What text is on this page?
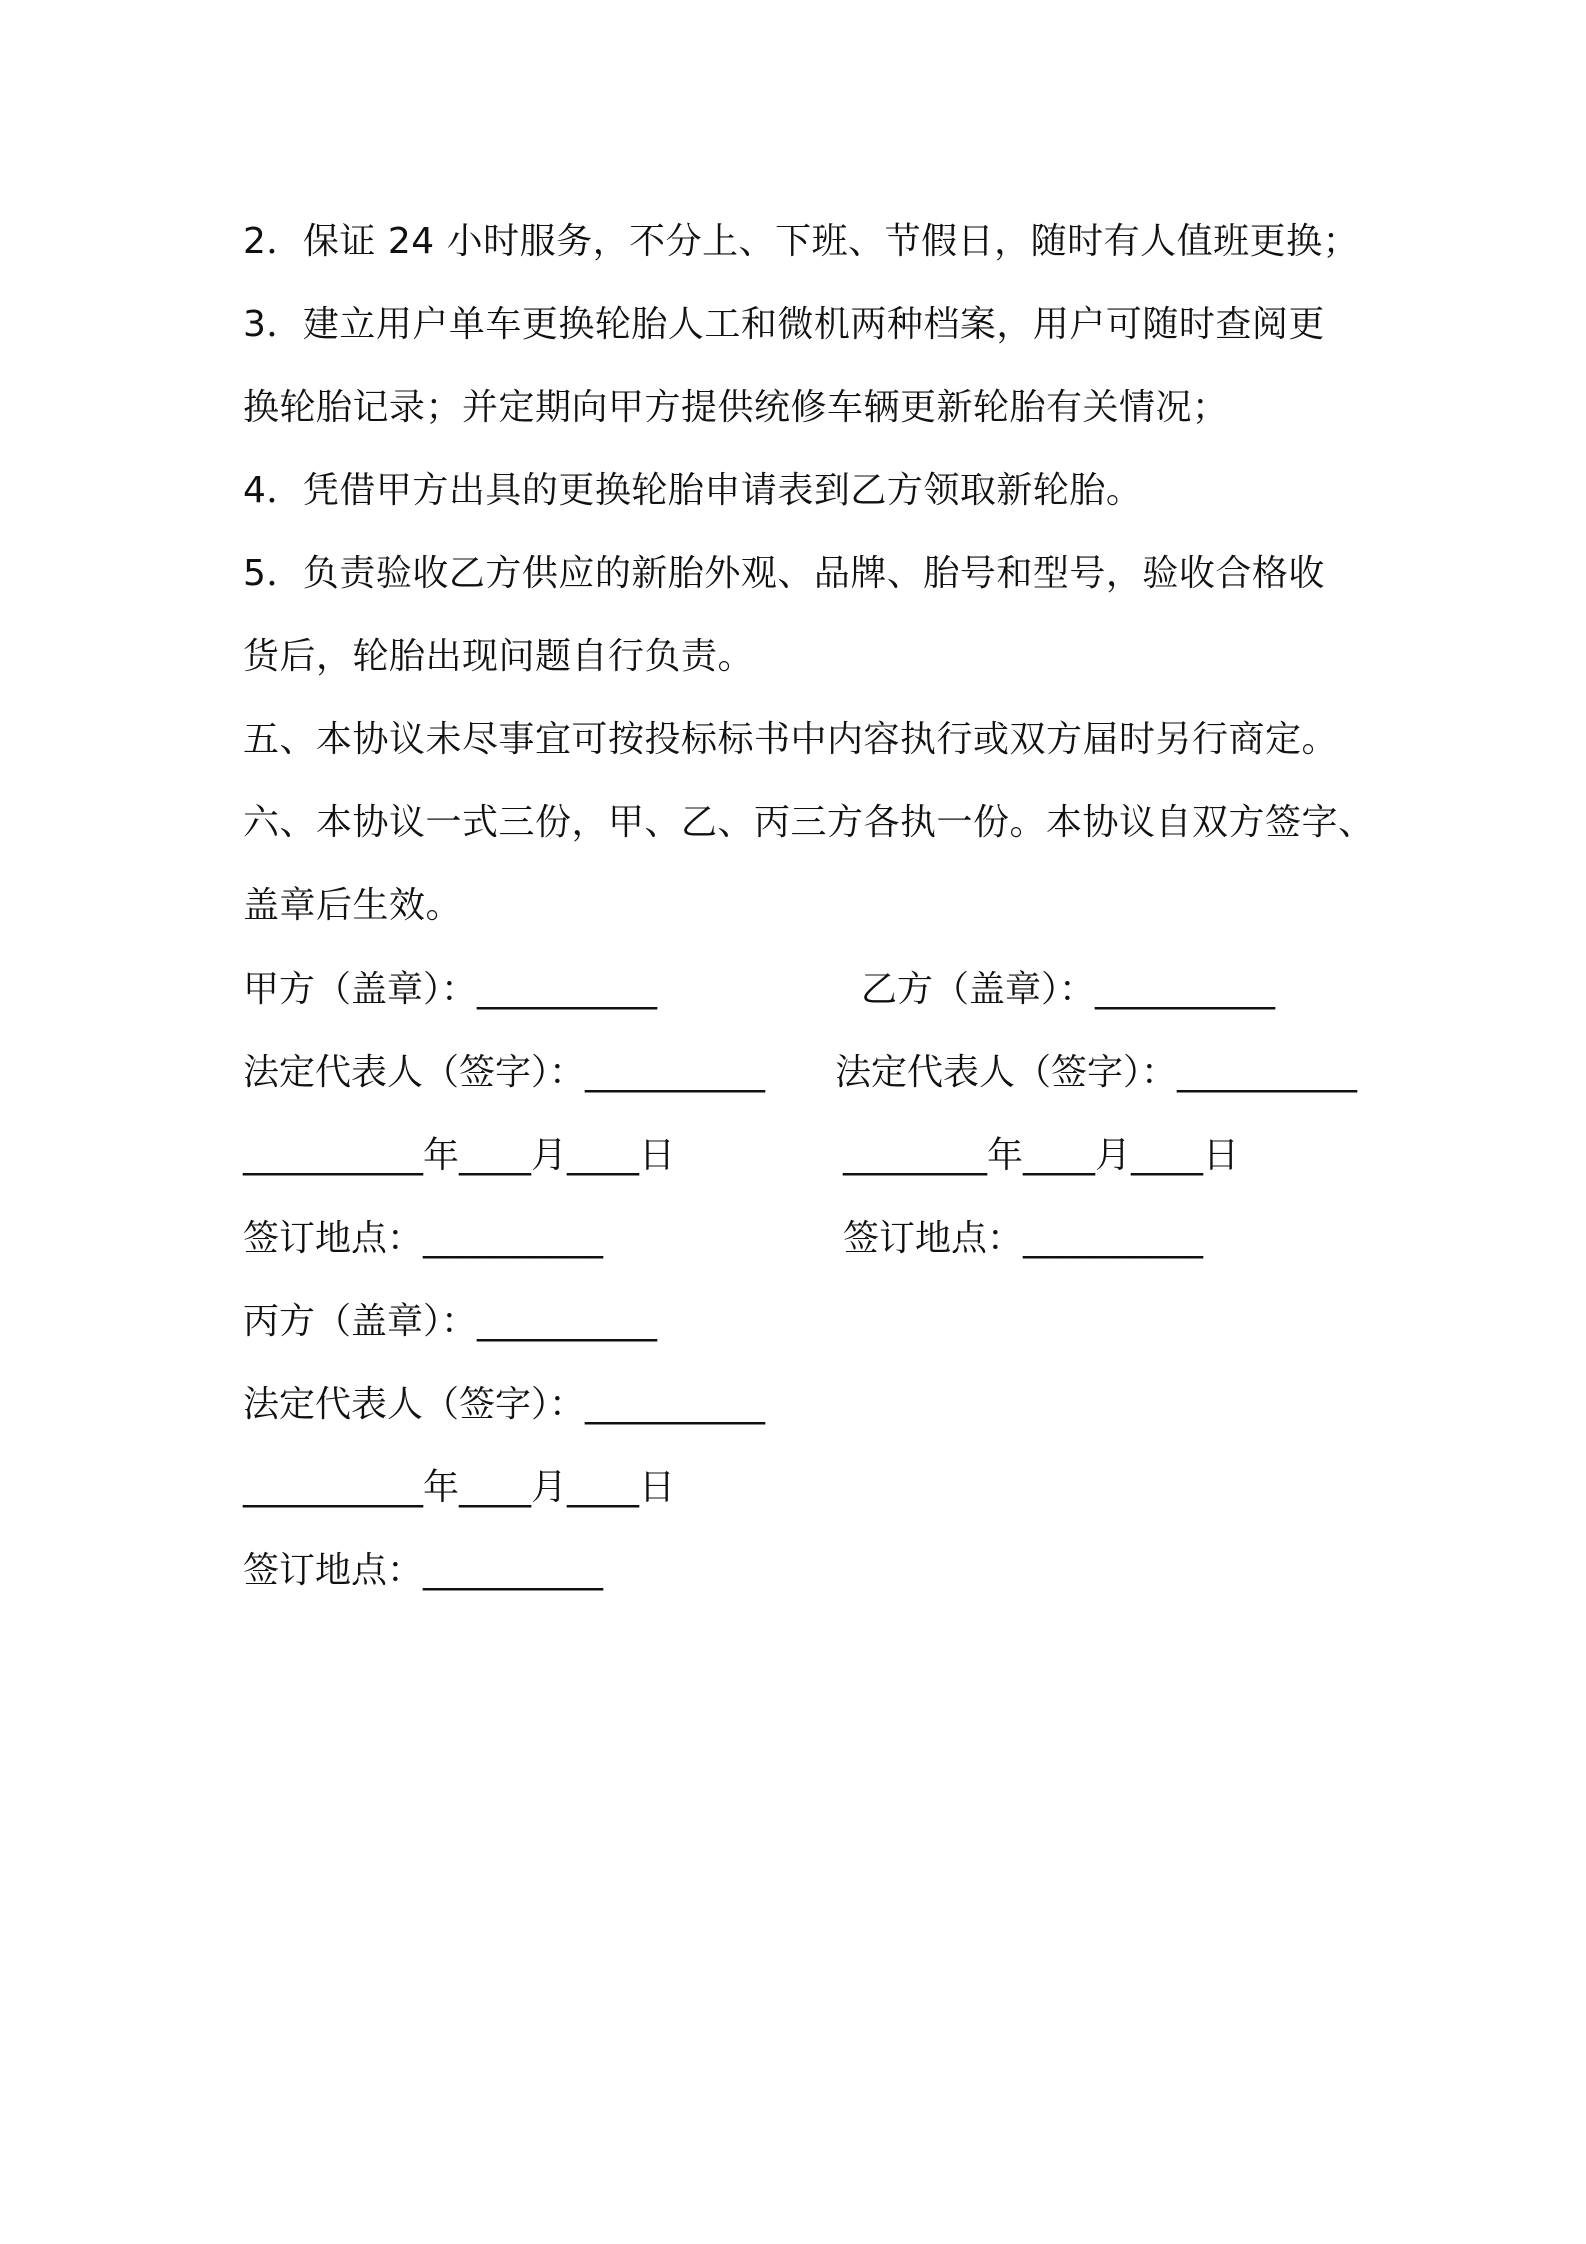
2．保证 24 小时服务，不分上、下班、节假日，随时有人值班更换；
3．建立用户单车更换轮胎人工和微机两种档案，用户可随时查阅更
换轮胎记录；并定期向甲方提供统修车辆更新轮胎有关情况；
4．凭借甲方出具的更换轮胎申请表到乙方领取新轮胎。
5．负责验收乙方供应的新胎外观、品牌、胎号和型号，验收合格收
货后，轮胎出现问题自行负责。
五、本协议未尽事宜可按投标标书中内容执行或双方届时另行商定。
六、本协议一式三份，甲、乙、丙三方各执一份。本协议自双方签字、
盖章后生效。
甲方（盖章）：__________	乙方（盖章）：__________
法定代表人（签字）：__________ 法定代表人（签字）：__________
__________年____月____日	________年____月____日
签订地点：__________	签订地点：__________
丙方（盖章）：__________
法定代表人（签字）：__________
__________年____月____日
签订地点：__________
